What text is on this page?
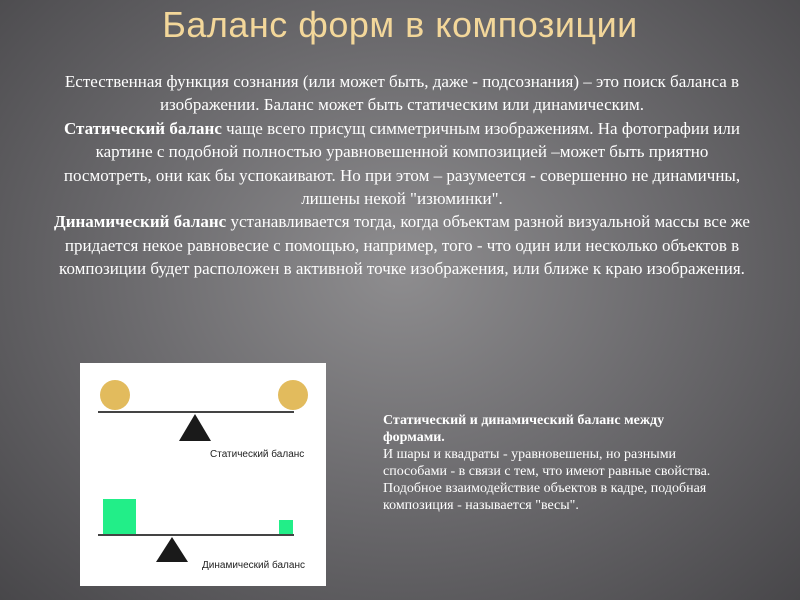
Баланс форм в композиции

Естественная функция сознания (или может быть, даже - подсознания) – это поиск баланса в изображении. Баланс может быть статическим или динамическим.

Статический баланс чаще всего присущ симметричным изображениям. На фотографии или картине с подобной полностью уравновешенной композицией –может быть приятно посмотреть, они как бы успокаивают. Но при этом – разумеется - совершенно не динамичны, лишены некой "изюминки".

Динамический баланс устанавливается тогда, когда объектам разной визуальной массы все же придается некое равновесие с помощью, например, того - что один или несколько объектов в композиции будет расположен в активной точке изображения, или ближе к краю изображения.

Статический баланс
Динамический баланс

Статический и динамический баланс между формами.

И шары и квадраты - уравновешены, но разными способами - в связи с тем, что имеют равные свойства.

Подобное взаимодействие объектов в кадре, подобная композиция - называется "весы".
